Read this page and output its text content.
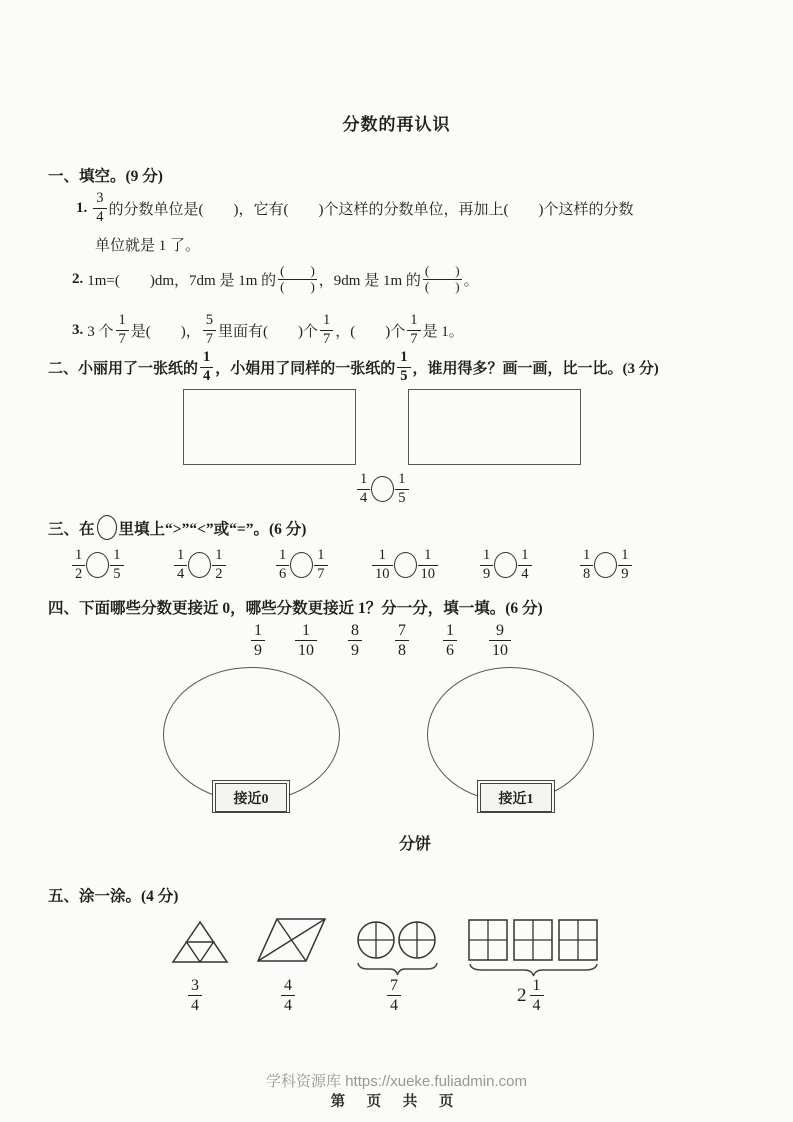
分数的再认识
一、填空。(9 分)
1. $\frac{3}{4}$ 的分数单位是(　　)，它有(　　)个这样的分数单位，再加上(　　)个这样的分数
单位就是 1 了。
2. 1m=(　　)dm，7dm 是 1m 的 $\frac{( )}{( )}$ ，9dm 是 1m 的 $\frac{( )}{( )}$ 。
3. 3 个 $\frac{1}{7}$ 是(　　)， $\frac{5}{7}$ 里面有(　　)个 $\frac{1}{7}$ ，(　　)个 $\frac{1}{7}$ 是 1。
二、小丽用了一张纸的 $\frac{1}{4}$ ，小娟用了同样的一张纸的 $\frac{1}{5}$ ，谁用得多？画一画，比一比。(3 分)
$\frac{1}{4} \frac{1}{5}$
三、在 里填上“>”“<”或“=”。(6 分)
$\frac{1}{2} \frac{1}{5}$	$\frac{1}{4} \frac{1}{2}$	$\frac{1}{6} \frac{1}{7}$	$\frac{1}{10} \frac{1}{10}$	$\frac{1}{9} \frac{1}{4}$	$\frac{1}{8} \frac{1}{9}$
四、下面哪些分数更接近 0，哪些分数更接近 1？分一分，填一填。(6 分)
$\frac{1}{9} \frac{1}{10} \frac{8}{9} \frac{7}{8} \frac{1}{6} \frac{9}{10}$
接近0	接近1
分饼
五、涂一涂。(4 分)
$\frac{3}{4}$	$\frac{4}{4}$	$\frac{7}{4}$	$2 \frac{1}{4}$
学科资源库 https://xueke.fuliadmin.com
第 页 共 页
